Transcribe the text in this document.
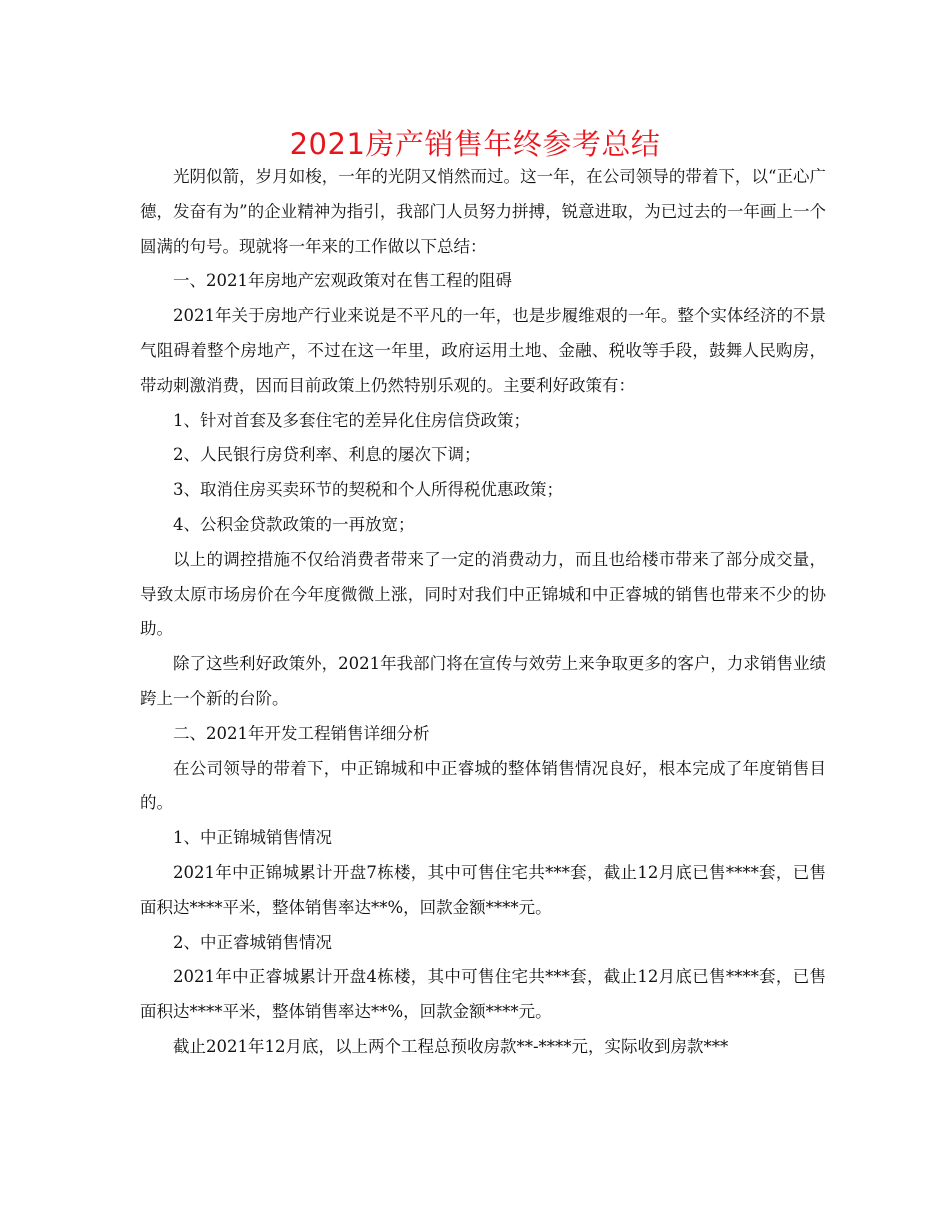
2021房产销售年终参考总结

光阴似箭，岁月如梭，一年的光阴又悄然而过。这一年，在公司领导的带着下，以“正心广德，发奋有为”的企业精神为指引，我部门人员努力拼搏，锐意进取，为已过去的一年画上一个圆满的句号。现就将一年来的工作做以下总结：

一、2021年房地产宏观政策对在售工程的阻碍

2021年关于房地产行业来说是不平凡的一年，也是步履维艰的一年。整个实体经济的不景气阻碍着整个房地产，不过在这一年里，政府运用土地、金融、税收等手段，鼓舞人民购房，带动刺激消费，因而目前政策上仍然特别乐观的。主要利好政策有：

1、针对首套及多套住宅的差异化住房信贷政策；

2、人民银行房贷利率、利息的屡次下调；

3、取消住房买卖环节的契税和个人所得税优惠政策；

4、公积金贷款政策的一再放宽；

以上的调控措施不仅给消费者带来了一定的消费动力，而且也给楼市带来了部分成交量，导致太原市场房价在今年度微微上涨，同时对我们中正锦城和中正睿城的销售也带来不少的协助。

除了这些利好政策外，2021年我部门将在宣传与效劳上来争取更多的客户，力求销售业绩跨上一个新的台阶。

二、2021年开发工程销售详细分析

在公司领导的带着下，中正锦城和中正睿城的整体销售情况良好，根本完成了年度销售目的。

1、中正锦城销售情况

2021年中正锦城累计开盘7栋楼，其中可售住宅共***套，截止12月底已售****套，已售面积达****平米，整体销售率达**%，回款金额****元。

2、中正睿城销售情况

2021年中正睿城累计开盘4栋楼，其中可售住宅共***套，截止12月底已售****套，已售面积达****平米，整体销售率达**%，回款金额****元。

截止2021年12月底，以上两个工程总预收房款**-****元，实际收到房款***
